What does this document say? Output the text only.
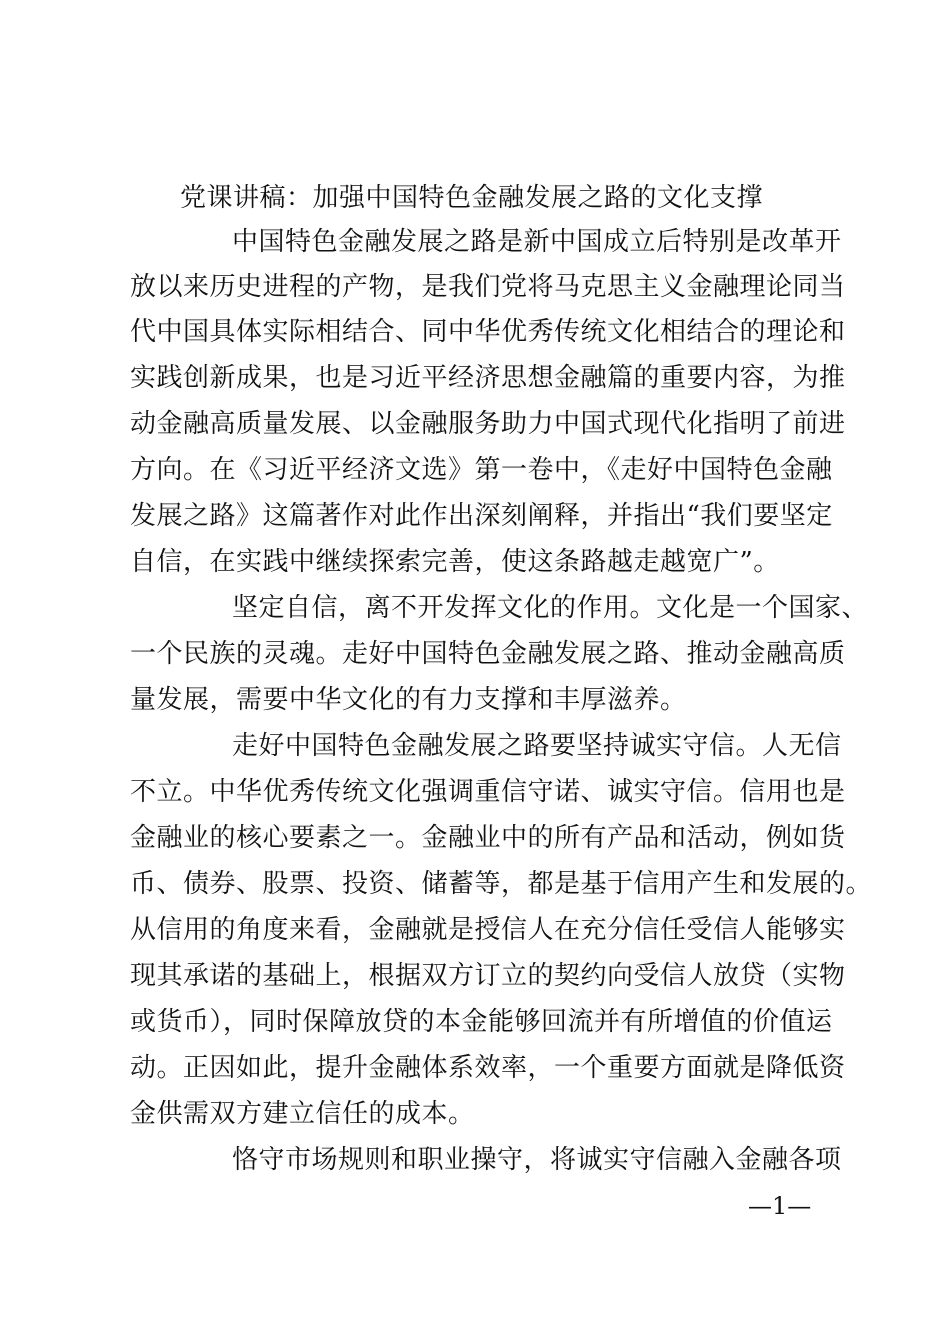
党课讲稿：加强中国特色金融发展之路的文化支撑
中国特色金融发展之路是新中国成立后特别是改革开
放以来历史进程的产物，是我们党将马克思主义金融理论同当
代中国具体实际相结合、同中华优秀传统文化相结合的理论和
实践创新成果，也是习近平经济思想金融篇的重要内容，为推
动金融高质量发展、以金融服务助力中国式现代化指明了前进
方向。在《习近平经济文选》第一卷中，《走好中国特色金融
发展之路》这篇著作对此作出深刻阐释，并指出“我们要坚定
自信，在实践中继续探索完善，使这条路越走越宽广”。
坚定自信，离不开发挥文化的作用。文化是一个国家、
一个民族的灵魂。走好中国特色金融发展之路、推动金融高质
量发展，需要中华文化的有力支撑和丰厚滋养。
走好中国特色金融发展之路要坚持诚实守信。人无信
不立。中华优秀传统文化强调重信守诺、诚实守信。信用也是
金融业的核心要素之一。金融业中的所有产品和活动，例如货
币、债券、股票、投资、储蓄等，都是基于信用产生和发展的。
从信用的角度来看，金融就是授信人在充分信任受信人能够实
现其承诺的基础上，根据双方订立的契约向受信人放贷（实物
或货币），同时保障放贷的本金能够回流并有所增值的价值运
动。正因如此，提升金融体系效率，一个重要方面就是降低资
金供需双方建立信任的成本。
恪守市场规则和职业操守，将诚实守信融入金融各项
—1—
